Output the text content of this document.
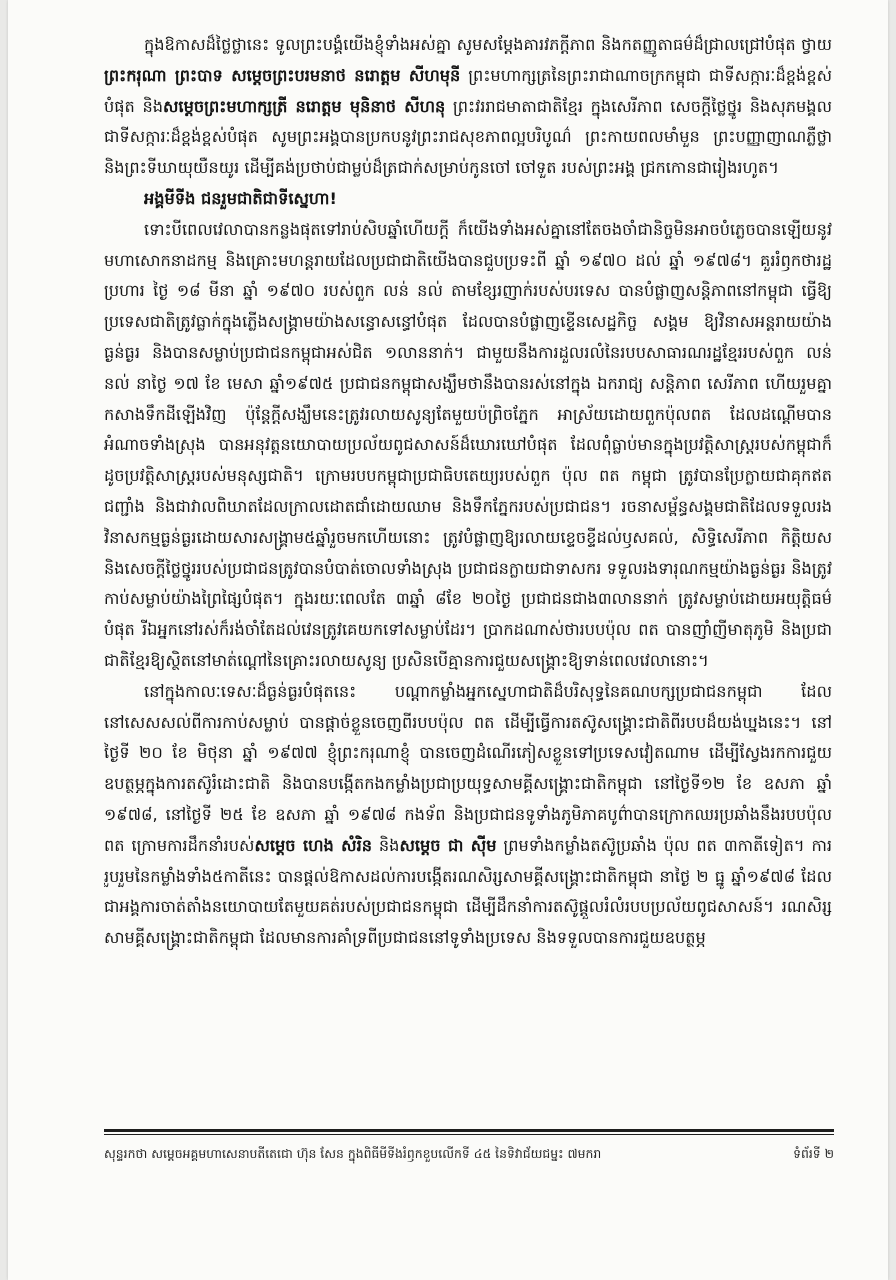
ក្នុងឱកាសដ៏ថ្លៃថ្លានេះ ទូលព្រះបង្គំយើងខ្ញុំទាំងអស់គ្នា សូមសម្តែងគារវភក្តីភាព និងកតញ្ញូតាធម៌ដ៏ជ្រាលជ្រៅបំផុត ថ្វាយ ព្រះករុណា ព្រះបាទ សម្តេចព្រះបរមនាថ នរោត្តម សីហមុនី ព្រះមហាក្សត្រនៃព្រះរាជាណាចក្រកម្ពុជា ជាទីសក្ការៈដ៏ខ្ពង់ខ្ពស់បំផុត និងសម្តេចព្រះមហាក្សត្រី នរោត្តម មុនិនាថ សីហនុ ព្រះវររាជមាតាជាតិខ្មែរ ក្នុងសេរីភាព សេចក្តីថ្លៃថ្នូរ និងសុភមង្គល ជាទីសក្ការៈដ៏ខ្ពង់ខ្ពស់បំផុត សូមព្រះអង្គបានប្រកបនូវព្រះរាជសុខភាពល្អបរិបូណ៌ ព្រះកាយពលមាំមួន ព្រះបញ្ញាញាណភ្លឺថ្លា និងព្រះទីឃាយុយឺនយូរ ដើម្បីគង់ប្រថាប់ជាម្លប់ដ៏ត្រជាក់សម្រាប់កូនចៅ ចៅទួត របស់ព្រះអង្គ ជ្រកកោនជារៀងរហូត។

អង្គមីទីង ជនរួមជាតិជាទីស្នេហា!

ទោះបីពេលវេលាបានកន្លងផុតទៅរាប់សិបឆ្នាំហើយក្តី ក៏យើងទាំងអស់គ្នានៅតែចងចាំជានិច្ចមិនអាចបំភ្លេចបានឡើយនូវមហាសោកនាដកម្ម និងគ្រោះមហន្តរាយដែលប្រជាជាតិយើងបានជួបប្រទះពី ឆ្នាំ ១៩៧០ ដល់ ឆ្នាំ ១៩៧៨។ គួររំឭកថារដ្ឋប្រហារ ថ្ងៃ ១៨ មីនា ឆ្នាំ ១៩៧០ របស់ពួក លន់ នល់ តាមខ្សែរញាក់របស់បរទេស បានបំផ្លាញសន្តិភាពនៅកម្ពុជា ធ្វើឱ្យប្រទេសជាតិត្រូវធ្លាក់ក្នុងភ្លើងសង្គ្រាមយ៉ាងសន្ធោសន្ធៅបំផុត ដែលបានបំផ្លាញខ្ទើនសេដ្ឋកិច្ច សង្គម ឱ្យវិនាសអន្តរាយយ៉ាងធ្ងន់ធ្ងរ និងបានសម្លាប់ប្រជាជនកម្ពុជាអស់ជិត ១លាននាក់។ ជាមួយនឹងការដួលរលំនៃរបបសាធារណរដ្ឋខ្មែររបស់ពួក លន់ នល់ នាថ្ងៃ ១៧ ខែ មេសា ឆ្នាំ១៩៧៥ ប្រជាជនកម្ពុជាសង្ឃឹមថានឹងបានរស់នៅក្នុង ឯករាជ្យ សន្តិភាព សេរីភាព ហើយរួមគ្នាកសាងទឹកដីឡើងវិញ ប៉ុន្តែក្តីសង្ឃឹមនេះត្រូវរលាយសូន្យតែមួយប៉ព្រិចភ្នែក អាស្រ័យដោយពួកប៉ុលពត ដែលដណ្តើមបានអំណាចទាំងស្រុង បានអនុវត្តនយោបាយប្រល័យពូជសាសន៍ដ៏ឃោរឃៅបំផុត ដែលពុំធ្លាប់មានក្នុងប្រវត្តិសាស្ត្ររបស់កម្ពុជាក៏ដូចប្រវត្តិសាស្ត្ររបស់មនុស្សជាតិ។ ក្រោមរបបកម្ពុជាប្រជាធិបតេយ្យរបស់ពួក ប៉ុល ពត កម្ពុជា ត្រូវបានប្រែក្លាយជាគុកឥតជញ្ជាំង និងជាវាលពិឃាតដែលក្រាលដោតជាំដោយឈាម និងទឹកភ្នែករបស់ប្រជាជន។ រចនាសម្ព័ន្ធសង្គមជាតិដែលទទួលរងវិនាសកម្មធ្ងន់ធ្ងរដោយសារសង្គ្រាម៥ឆ្នាំរួចមកហើយនោះ ត្រូវបំផ្លាញឱ្យរលាយខ្ទេចខ្ទីដល់ឫសគល់, សិទ្ធិសេរីភាព កិត្តិយស និងសេចក្តីថ្លៃថ្នូររបស់ប្រជាជនត្រូវបានបំបាត់ចោលទាំងស្រុង ប្រជាជនក្លាយជាទាសករ ទទួលរងទារុណកម្មយ៉ាងធ្ងន់ធ្ងរ និងត្រូវកាប់សម្លាប់យ៉ាងព្រៃផ្សៃបំផុត។ ក្នុងរយៈពេលតែ ៣ឆ្នាំ ៨ខែ ២០ថ្ងៃ ប្រជាជនជាង៣លាននាក់ ត្រូវសម្លាប់ដោយអយុត្តិធម៌បំផុត រីឯអ្នកនៅរស់ក៏រង់ចាំតែដល់វេនត្រូវគេយកទៅសម្លាប់ដែរ។ ប្រាកដណាស់ថារបបប៉ុល ពត បានញាំញីមាតុភូមិ និងប្រជាជាតិខ្មែរឱ្យស្ថិតនៅមាត់ណ្តៅនៃគ្រោះរលាយសូន្យ ប្រសិនបើគ្មានការជួយសង្គ្រោះឱ្យទាន់ពេលវេលានោះ។

នៅក្នុងកាលៈទេសៈដ៏ធ្ងន់ធ្ងរបំផុតនេះ បណ្តាកម្លាំងអ្នកស្នេហាជាតិដ៏បរិសុទ្ធនៃគណបក្សប្រជាជនកម្ពុជា ដែលនៅសេសសល់ពីការកាប់សម្លាប់ បានផ្តាច់ខ្លួនចេញពីរបបប៉ុល ពត ដើម្បីធ្វើការតស៊ូសង្គ្រោះជាតិពីរបបដ៏យង់ឃ្នងនេះ។ នៅថ្ងៃទី ២០ ខែ មិថុនា ឆ្នាំ ១៩៧៧ ខ្ញុំព្រះករុណាខ្ញុំ បានចេញដំណើរភៀសខ្លួនទៅប្រទេសវៀតណាម ដើម្បីស្វែងរកការជួយឧបត្ថម្ភក្នុងការតស៊ូរំដោះជាតិ និងបានបង្កើតកងកម្លាំងប្រជាប្រយុទ្ធសាមគ្គីសង្គ្រោះជាតិកម្ពុជា នៅថ្ងៃទី១២ ខែ ឧសភា ឆ្នាំ ១៩៧៨, នៅថ្ងៃទី ២៥ ខែ ឧសភា ឆ្នាំ ១៩៧៨ កងទ័ព និងប្រជាជនទូទាំងភូមិភាគបូព៌ាបានក្រោកឈរប្រឆាំងនឹងរបបប៉ុល ពត ក្រោមការដឹកនាំរបស់សម្តេច ហេង សំរិន និងសម្តេច ជា ស៊ីម ព្រមទាំងកម្លាំងតស៊ូប្រឆាំង ប៉ុល ពត ៣កាតីទៀត។ ការរួបរួមនៃកម្លាំងទាំង៥កាតីនេះ បានផ្តល់ឱកាសដល់ការបង្កើតរណសិរ្សសាមគ្គីសង្គ្រោះជាតិកម្ពុជា នាថ្ងៃ ២ ធ្នូ ឆ្នាំ១៩៧៨ ដែលជាអង្គការចាត់តាំងនយោបាយតែមួយគត់របស់ប្រជាជនកម្ពុជា ដើម្បីដឹកនាំការតស៊ូផ្តួលរំលំរបបប្រល័យពូជសាសន៍។ រណសិរ្សសាមគ្គីសង្គ្រោះជាតិកម្ពុជា ដែលមានការគាំទ្រពីប្រជាជននៅទូទាំងប្រទេស និងទទួលបានការជួយឧបត្ថម្ភ

សុន្ទរកថា សម្តេចអគ្គមហាសេនាបតីតេជោ ហ៊ុន សែន ក្នុងពិធីមីទីងរំឭកខួបលើកទី ៤៥ នៃទិវាជ័យជម្នះ ៧មករា	ទំព័រទី ២
